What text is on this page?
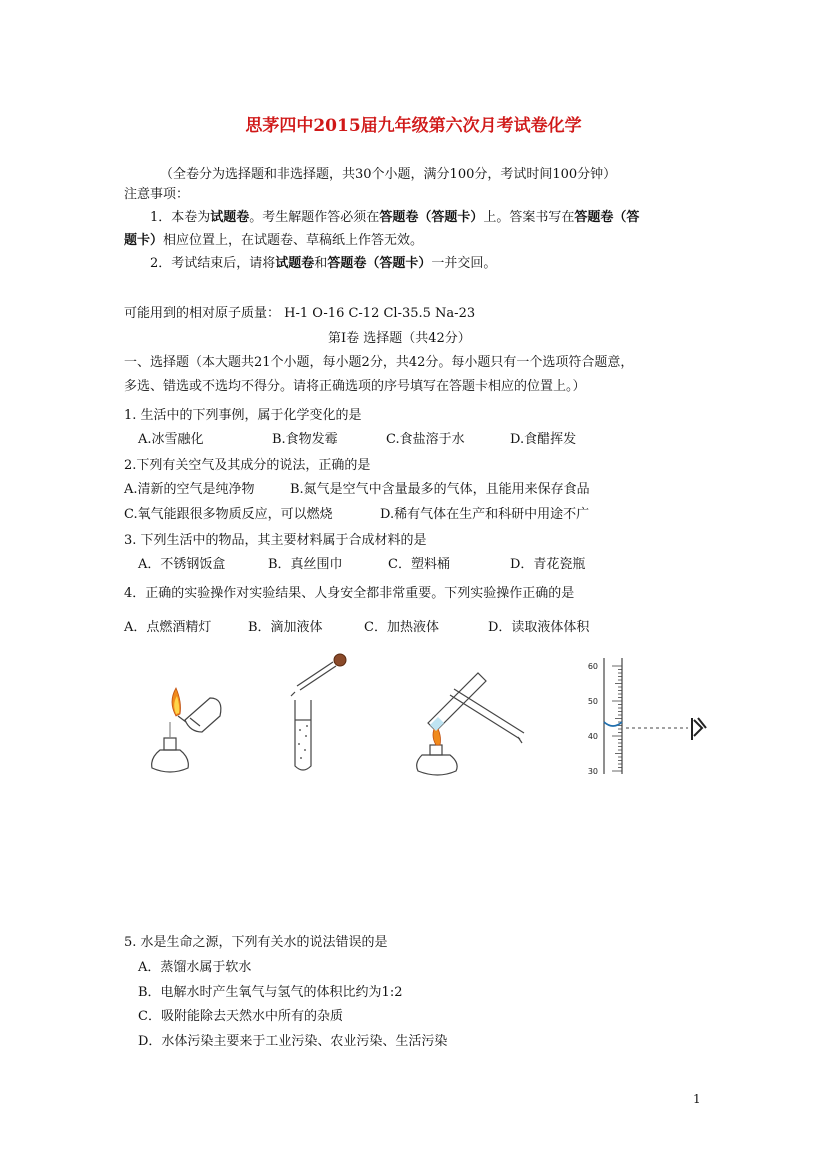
思茅四中2015届九年级第六次月考试卷化学
（全卷分为选择题和非选择题，共30个小题，满分100分，考试时间100分钟）
注意事项：
1．本卷为试题卷。考生解题作答必须在答题卷（答题卡）上。答案书写在答题卷（答
题卡）相应位置上，在试题卷、草稿纸上作答无效。
2．考试结束后，请将试题卷和答题卷（答题卡）一并交回。
可能用到的相对原子质量： H-1 O-16 C-12 Cl-35.5 Na-23
第Ⅰ卷 选择题（共42分）
一、选择题（本大题共21个小题，每小题2分，共42分。每小题只有一个选项符合题意，
多选、错选或不选均不得分。请将正确选项的序号填写在答题卡相应的位置上。）
1. 生活中的下列事例，属于化学变化的是
A.冰雪融化	B.食物发霉	C.食盐溶于水	D.食醋挥发
2.下列有关空气及其成分的说法，正确的是
A.清新的空气是纯净物	B.氮气是空气中含量最多的气体，且能用来保存食品
C.氧气能跟很多物质反应，可以燃烧	D.稀有气体在生产和科研中用途不广
3. 下列生活中的物品，其主要材料属于合成材料的是
A．不锈钢饭盒	B．真丝围巾	C．塑料桶	D．青花瓷瓶
4．正确的实验操作对实验结果、人身安全都非常重要。下列实验操作正确的是
A．点燃酒精灯	B．滴加液体	C．加热液体	D．读取液体体积
60
50
40
30
5. 水是生命之源，下列有关水的说法错误的是
A．蒸馏水属于软水
B．电解水时产生氧气与氢气的体积比约为1:2
C．吸附能除去天然水中所有的杂质
D．水体污染主要来于工业污染、农业污染、生活污染
1
